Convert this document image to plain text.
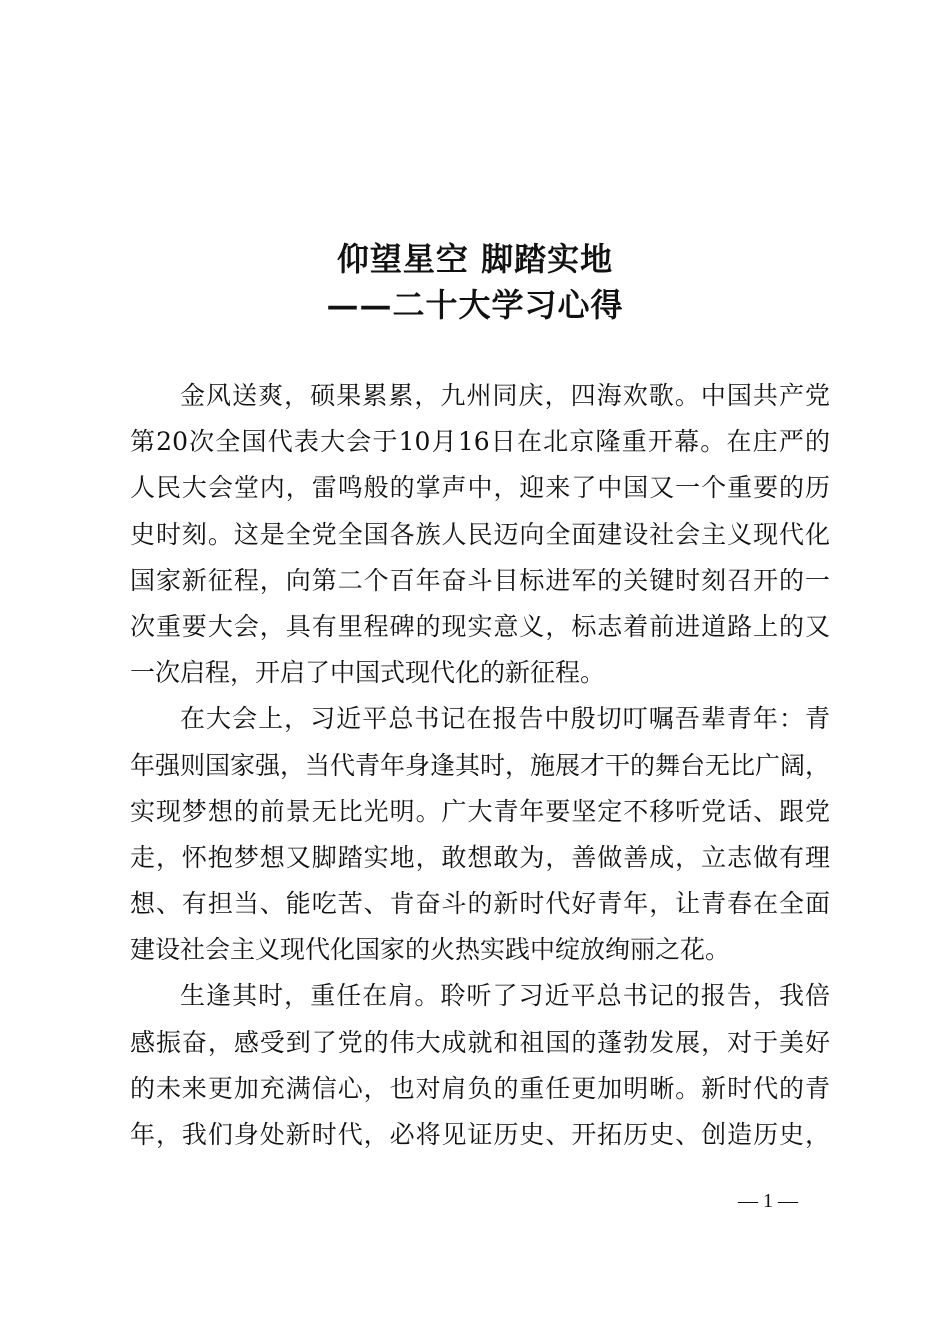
仰望星空 脚踏实地
——二十大学习心得
金风送爽，硕果累累，九州同庆，四海欢歌。中国共产党
第20次全国代表大会于10月16日在北京隆重开幕。在庄严的
人民大会堂内，雷鸣般的掌声中，迎来了中国又一个重要的历
史时刻。这是全党全国各族人民迈向全面建设社会主义现代化
国家新征程，向第二个百年奋斗目标进军的关键时刻召开的一
次重要大会，具有里程碑的现实意义，标志着前进道路上的又
一次启程，开启了中国式现代化的新征程。
在大会上，习近平总书记在报告中殷切叮嘱吾辈青年：青
年强则国家强，当代青年身逢其时，施展才干的舞台无比广阔，
实现梦想的前景无比光明。广大青年要坚定不移听党话、跟党
走，怀抱梦想又脚踏实地，敢想敢为，善做善成，立志做有理
想、有担当、能吃苦、肯奋斗的新时代好青年，让青春在全面
建设社会主义现代化国家的火热实践中绽放绚丽之花。
生逢其时，重任在肩。聆听了习近平总书记的报告，我倍
感振奋，感受到了党的伟大成就和祖国的蓬勃发展，对于美好
的未来更加充满信心，也对肩负的重任更加明晰。新时代的青
年，我们身处新时代，必将见证历史、开拓历史、创造历史，
— 1 —
